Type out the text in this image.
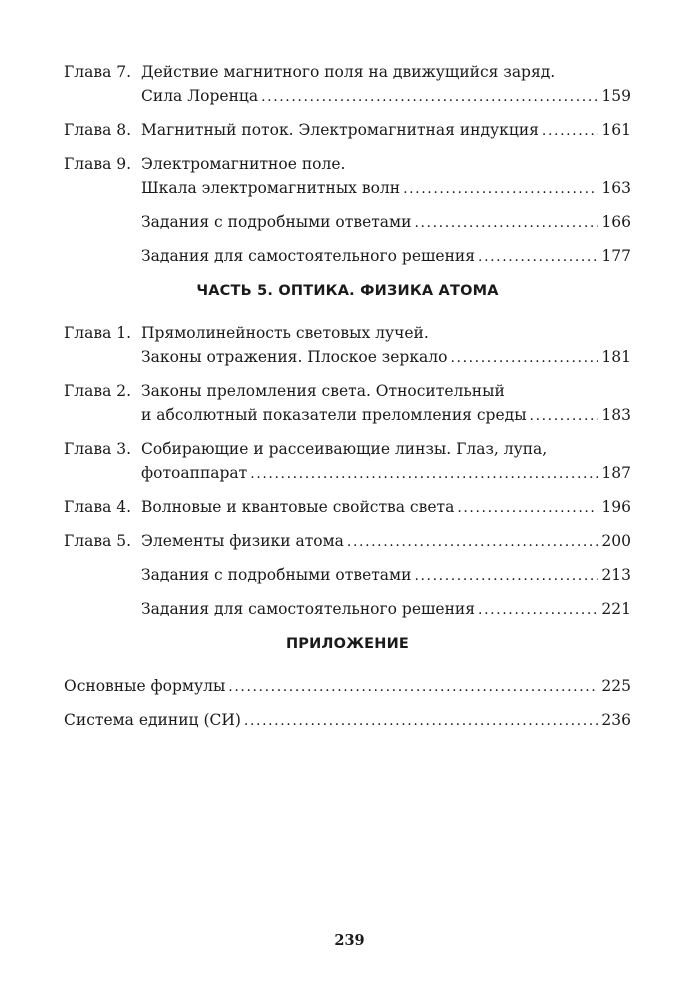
Глава 7. Действие магнитного поля на движущийся заряд.
Сила Лоренца .....	159
Глава 8. Магнитный поток. Электромагнитная индукция .....	161
Глава 9. Электромагнитное поле.
Шкала электромагнитных волн .....	163
Задания с подробными ответами .....	166
Задания для самостоятельного решения .....	177
ЧАСТЬ 5. ОПТИКА. ФИЗИКА АТОМА
Глава 1. Прямолинейность световых лучей.
Законы отражения. Плоское зеркало .....	181
Глава 2. Законы преломления света. Относительный
и абсолютный показатели преломления среды .....	183
Глава 3. Собирающие и рассеивающие линзы. Глаз, лупа,
фотоаппарат .....	187
Глава 4. Волновые и квантовые свойства света .....	196
Глава 5. Элементы физики атома .....	200
Задания с подробными ответами .....	213
Задания для самостоятельного решения .....	221
ПРИЛОЖЕНИЕ
Основные формулы .....	225
Система единиц (СИ) .....	236
239
